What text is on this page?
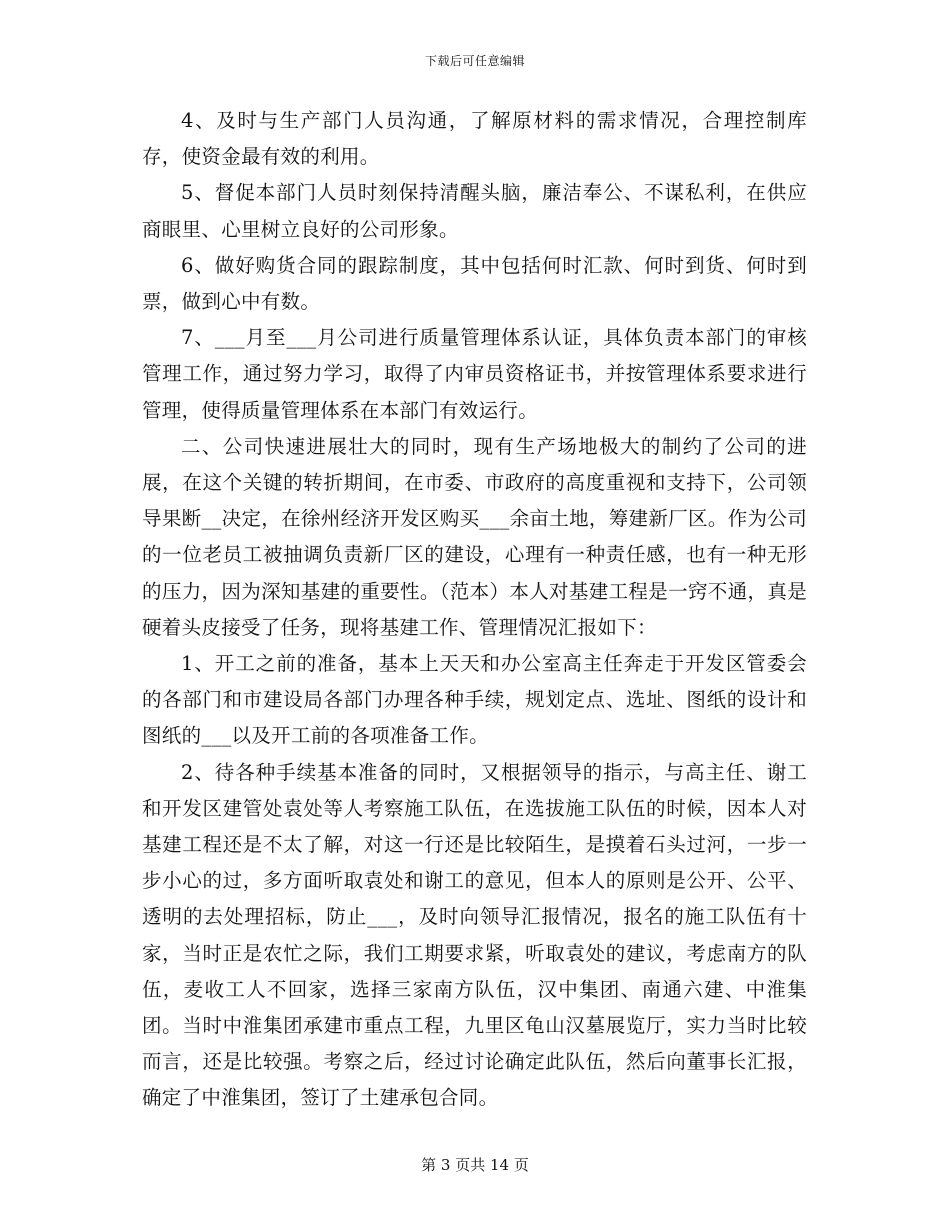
下载后可任意编辑

4、及时与生产部门人员沟通，了解原材料的需求情况，合理控制库存，使资金最有效的利用。

5、督促本部门人员时刻保持清醒头脑，廉洁奉公、不谋私利，在供应商眼里、心里树立良好的公司形象。

6、做好购货合同的跟踪制度，其中包括何时汇款、何时到货、何时到票，做到心中有数。

7、___月至___月公司进行质量管理体系认证，具体负责本部门的审核管理工作，通过努力学习，取得了内审员资格证书，并按管理体系要求进行管理，使得质量管理体系在本部门有效运行。

二、公司快速进展壮大的同时，现有生产场地极大的制约了公司的进展，在这个关键的转折期间，在市委、市政府的高度重视和支持下，公司领导果断__决定，在徐州经济开发区购买___余亩土地，筹建新厂区。作为公司的一位老员工被抽调负责新厂区的建设，心理有一种责任感，也有一种无形的压力，因为深知基建的重要性。（范本）本人对基建工程是一窍不通，真是硬着头皮接受了任务，现将基建工作、管理情况汇报如下：

1、开工之前的准备，基本上天天和办公室高主任奔走于开发区管委会的各部门和市建设局各部门办理各种手续，规划定点、选址、图纸的设计和图纸的___以及开工前的各项准备工作。

2、待各种手续基本准备的同时，又根据领导的指示，与高主任、谢工和开发区建管处袁处等人考察施工队伍，在选拔施工队伍的时候，因本人对基建工程还是不太了解，对这一行还是比较陌生，是摸着石头过河，一步一步小心的过，多方面听取袁处和谢工的意见，但本人的原则是公开、公平、透明的去处理招标，防止___，及时向领导汇报情况，报名的施工队伍有十家，当时正是农忙之际，我们工期要求紧，听取袁处的建议，考虑南方的队伍，麦收工人不回家，选择三家南方队伍，汉中集团、南通六建、中淮集团。当时中淮集团承建市重点工程，九里区龟山汉墓展览厅，实力当时比较而言，还是比较强。考察之后，经过讨论确定此队伍，然后向董事长汇报，确定了中淮集团，签订了土建承包合同。

第 3 页共 14 页
